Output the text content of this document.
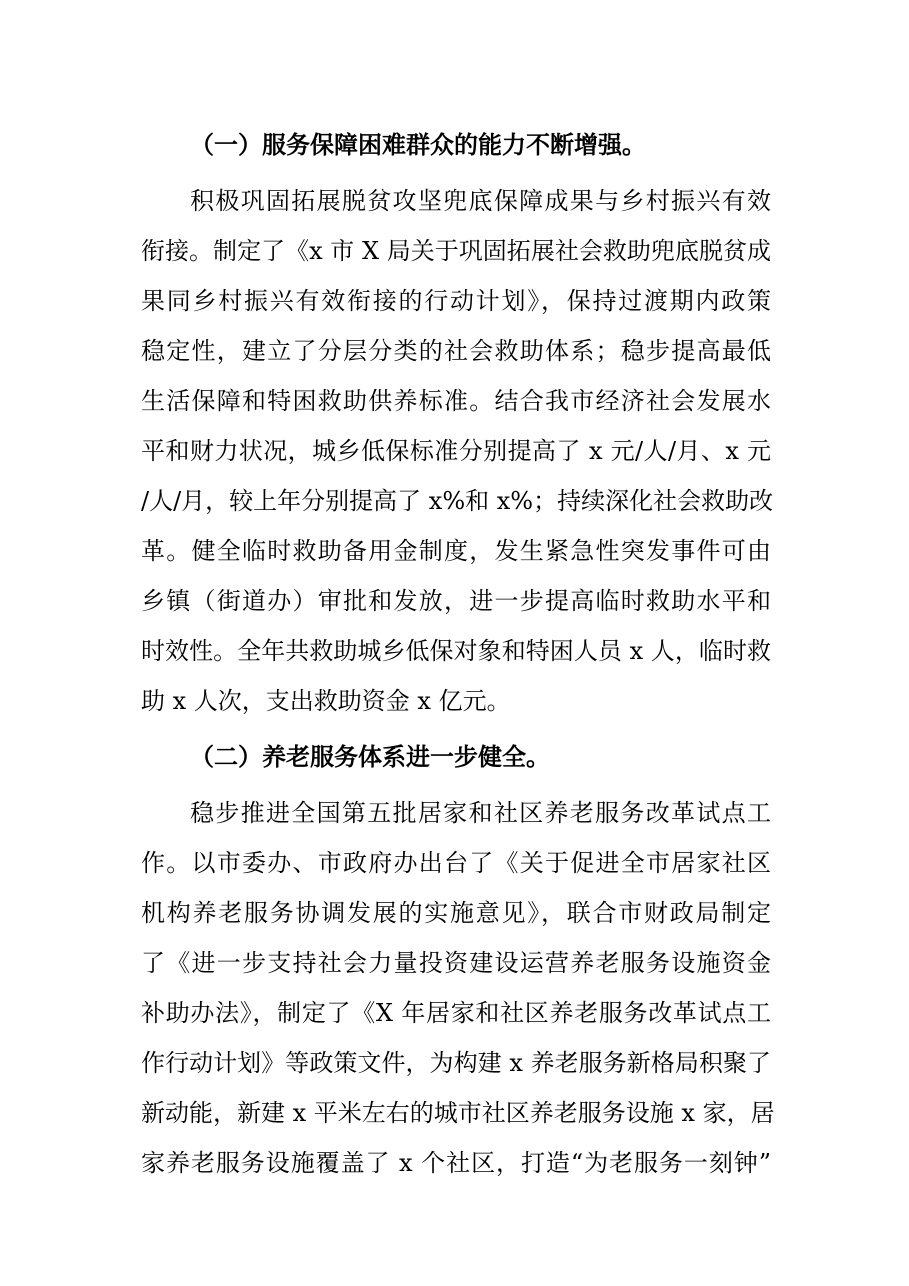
（一）服务保障困难群众的能力不断增强。
积极巩固拓展脱贫攻坚兜底保障成果与乡村振兴有效
衔接。制定了《x 市 X 局关于巩固拓展社会救助兜底脱贫成
果同乡村振兴有效衔接的行动计划》，保持过渡期内政策
稳定性，建立了分层分类的社会救助体系；稳步提高最低
生活保障和特困救助供养标准。结合我市经济社会发展水
平和财力状况，城乡低保标准分别提高了 x 元/人/月、x 元
/人/月，较上年分别提高了 x%和 x%；持续深化社会救助改
革。健全临时救助备用金制度，发生紧急性突发事件可由
乡镇（街道办）审批和发放，进一步提高临时救助水平和
时效性。全年共救助城乡低保对象和特困人员 x 人，临时救
助 x 人次，支出救助资金 x 亿元。
（二）养老服务体系进一步健全。
稳步推进全国第五批居家和社区养老服务改革试点工
作。以市委办、市政府办出台了《关于促进全市居家社区
机构养老服务协调发展的实施意见》，联合市财政局制定
了《进一步支持社会力量投资建设运营养老服务设施资金
补助办法》，制定了《X 年居家和社区养老服务改革试点工
作行动计划》等政策文件，为构建 x 养老服务新格局积聚了
新动能，新建 x 平米左右的城市社区养老服务设施 x 家，居
家养老服务设施覆盖了 x 个社区，打造“为老服务一刻钟”
